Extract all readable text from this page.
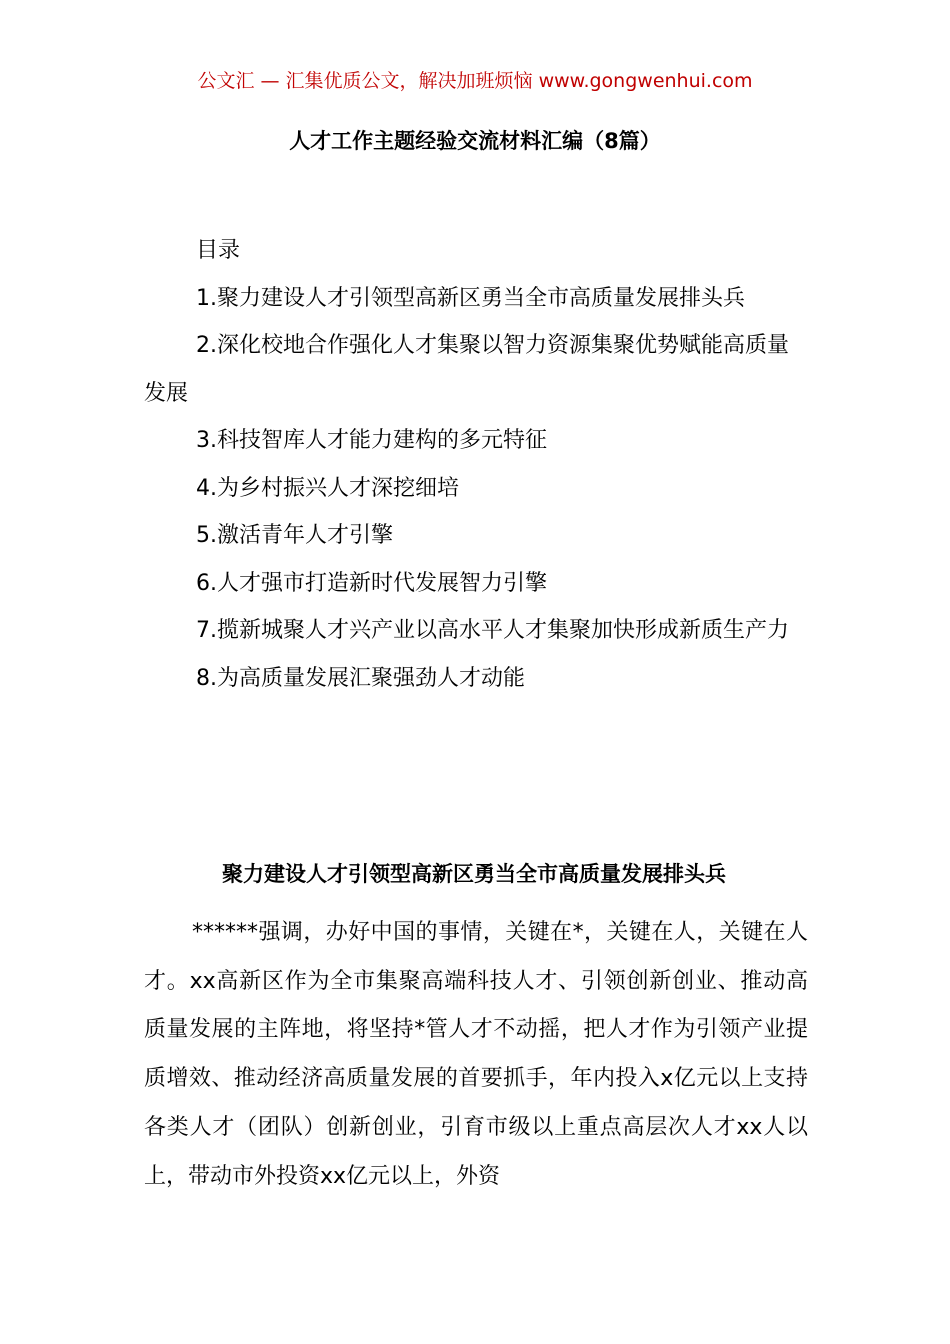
公文汇 — 汇集优质公文，解决加班烦恼 www.gongwenhui.com
人才工作主题经验交流材料汇编（8篇）

目录

1.聚力建设人才引领型高新区勇当全市高质量发展排头兵

2.深化校地合作强化人才集聚以智力资源集聚优势赋能高质量发展

3.科技智库人才能力建构的多元特征

4.为乡村振兴人才深挖细培

5.激活青年人才引擎

6.人才强市打造新时代发展智力引擎

7.揽新城聚人才兴产业以高水平人才集聚加快形成新质生产力

8.为高质量发展汇聚强劲人才动能

聚力建设人才引领型高新区勇当全市高质量发展排头兵

******强调，办好中国的事情，关键在*，关键在人，关键在人才。xx高新区作为全市集聚高端科技人才、引领创新创业、推动高质量发展的主阵地，将坚持*管人才不动摇，把人才作为引领产业提质增效、推动经济高质量发展的首要抓手，年内投入x亿元以上支持各类人才（团队）创新创业，引育市级以上重点高层次人才xx人以上，带动市外投资xx亿元以上，外资
